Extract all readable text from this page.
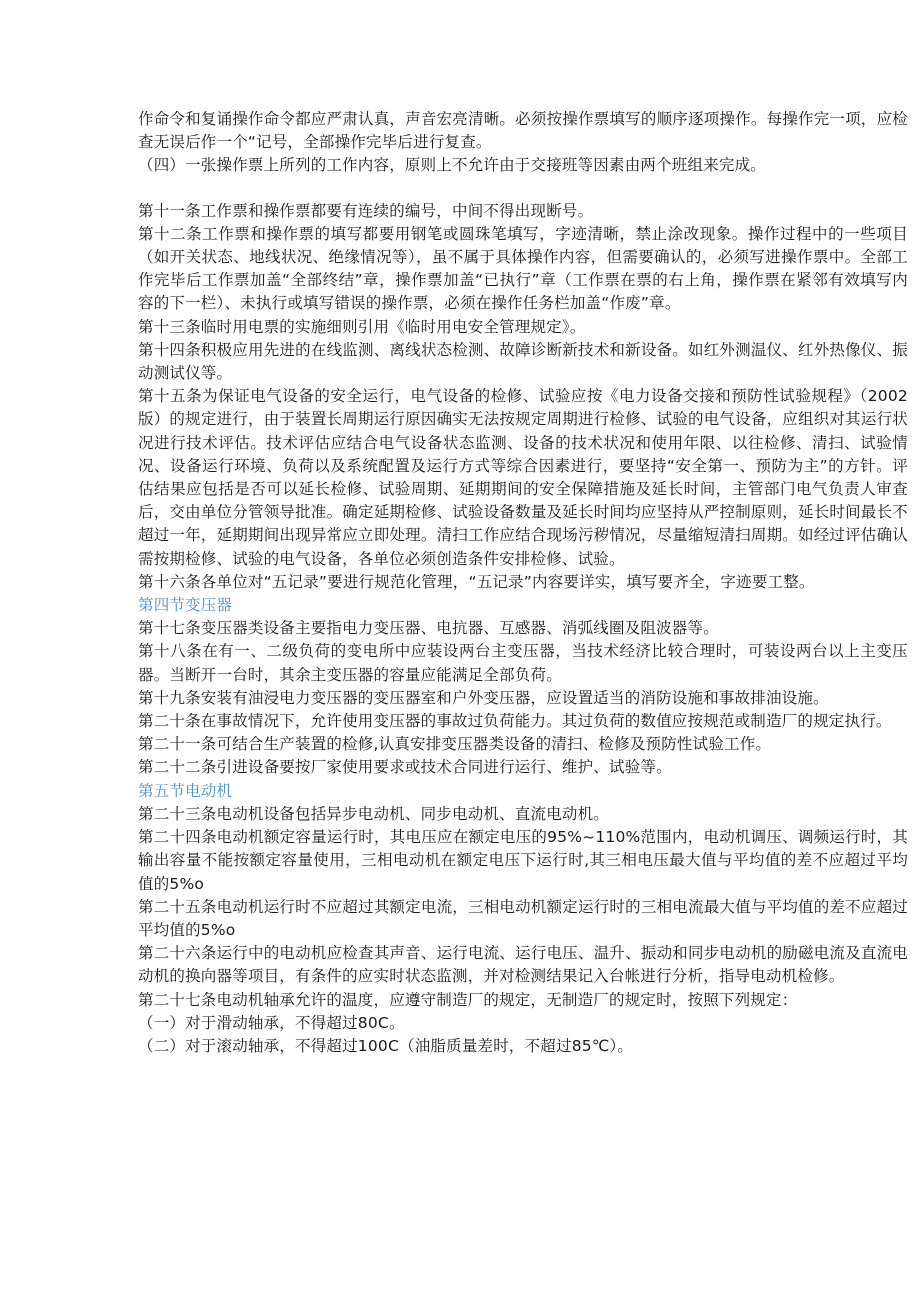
作命令和复诵操作命令都应严肃认真，声音宏亮清晰。必须按操作票填写的顺序逐项操作。每操作完一项，应检查无误后作一个“记号，全部操作完毕后进行复查。

（四）一张操作票上所列的工作内容，原则上不允许由于交接班等因素由两个班组来完成。

第十一条工作票和操作票都要有连续的编号，中间不得出现断号。

第十二条工作票和操作票的填写都要用钢笔或圆珠笔填写，字迹清晰，禁止涂改现象。操作过程中的一些项目（如开关状态、地线状况、绝缘情况等），虽不属于具体操作内容，但需要确认的，必须写进操作票中。全部工作完毕后工作票加盖“全部终结”章，操作票加盖“已执行”章（工作票在票的右上角，操作票在紧邻有效填写内容的下一栏）、未执行或填写错误的操作票，必须在操作任务栏加盖“作废”章。

第十三条临时用电票的实施细则引用《临时用电安全管理规定》。

第十四条积极应用先进的在线监测、离线状态检测、故障诊断新技术和新设备。如红外测温仪、红外热像仪、振动测试仪等。

第十五条为保证电气设备的安全运行，电气设备的检修、试验应按《电力设备交接和预防性试验规程》（2002版）的规定进行，由于装置长周期运行原因确实无法按规定周期进行检修、试验的电气设备，应组织对其运行状况进行技术评估。技术评估应结合电气设备状态监测、设备的技术状况和使用年限、以往检修、清扫、试验情况、设备运行环境、负荷以及系统配置及运行方式等综合因素进行，要坚持“安全第一、预防为主”的方针。评估结果应包括是否可以延长检修、试验周期、延期期间的安全保障措施及延长时间，主管部门电气负责人审查后，交由单位分管领导批准。确定延期检修、试验设备数量及延长时间均应坚持从严控制原则，延长时间最长不超过一年，延期期间出现异常应立即处理。清扫工作应结合现场污秽情况，尽量缩短清扫周期。如经过评估确认需按期检修、试验的电气设备，各单位必须创造条件安排检修、试验。

第十六条各单位对“五记录”要进行规范化管理，“五记录”内容要详实，填写要齐全，字迹要工整。

第四节变压器

第十七条变压器类设备主要指电力变压器、电抗器、互感器、消弧线圈及阻波器等。

第十八条在有一、二级负荷的变电所中应装设两台主变压器，当技术经济比较合理时，可装设两台以上主变压器。当断开一台时，其余主变压器的容量应能满足全部负荷。

第十九条安装有油浸电力变压器的变压器室和户外变压器，应设置适当的消防设施和事故排油设施。

第二十条在事故情况下，允许使用变压器的事故过负荷能力。其过负荷的数值应按规范或制造厂的规定执行。

第二十一条可结合生产装置的检修,认真安排变压器类设备的清扫、检修及预防性试验工作。

第二十二条引进设备要按厂家使用要求或技术合同进行运行、维护、试验等。

第五节电动机

第二十三条电动机设备包括异步电动机、同步电动机、直流电动机。

第二十四条电动机额定容量运行时，其电压应在额定电压的95%~110%范围内，电动机调压、调频运行时，其输出容量不能按额定容量使用，三相电动机在额定电压下运行时,其三相电压最大值与平均值的差不应超过平均值的5%o

第二十五条电动机运行时不应超过其额定电流，三相电动机额定运行时的三相电流最大值与平均值的差不应超过平均值的5%o

第二十六条运行中的电动机应检查其声音、运行电流、运行电压、温升、振动和同步电动机的励磁电流及直流电动机的换向器等项目，有条件的应实时状态监测，并对检测结果记入台帐进行分析，指导电动机检修。

第二十七条电动机轴承允许的温度，应遵守制造厂的规定，无制造厂的规定时，按照下列规定：

（一）对于滑动轴承，不得超过80C。

（二）对于滚动轴承，不得超过100C（油脂质量差时，不超过85℃）。
